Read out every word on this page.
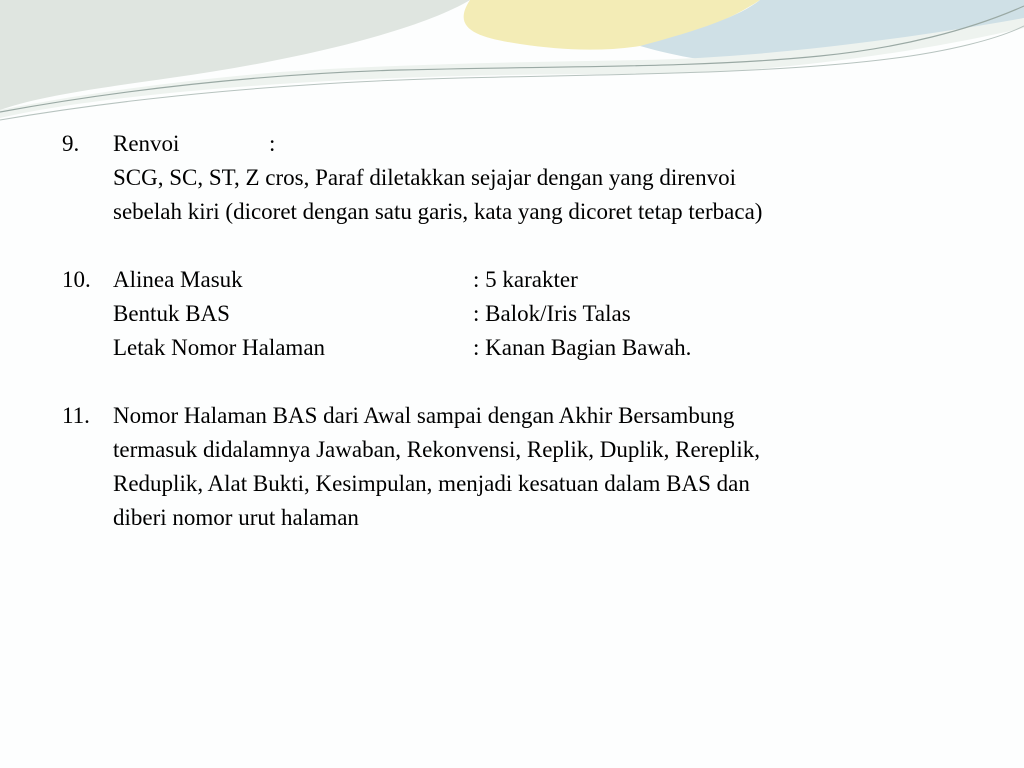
9. Renvoi	:
SCG, SC, ST, Z cros, Paraf diletakkan sejajar dengan yang direnvoi
sebelah kiri (dicoret dengan satu garis, kata yang dicoret tetap terbaca)
10. Alinea Masuk	: 5 karakter
Bentuk BAS	: Balok/Iris Talas
Letak Nomor Halaman	: Kanan Bagian Bawah.
11. Nomor Halaman BAS dari Awal sampai dengan Akhir Bersambung
termasuk didalamnya Jawaban, Rekonvensi, Replik, Duplik, Rereplik,
Reduplik, Alat Bukti, Kesimpulan, menjadi kesatuan dalam BAS dan
diberi nomor urut halaman
